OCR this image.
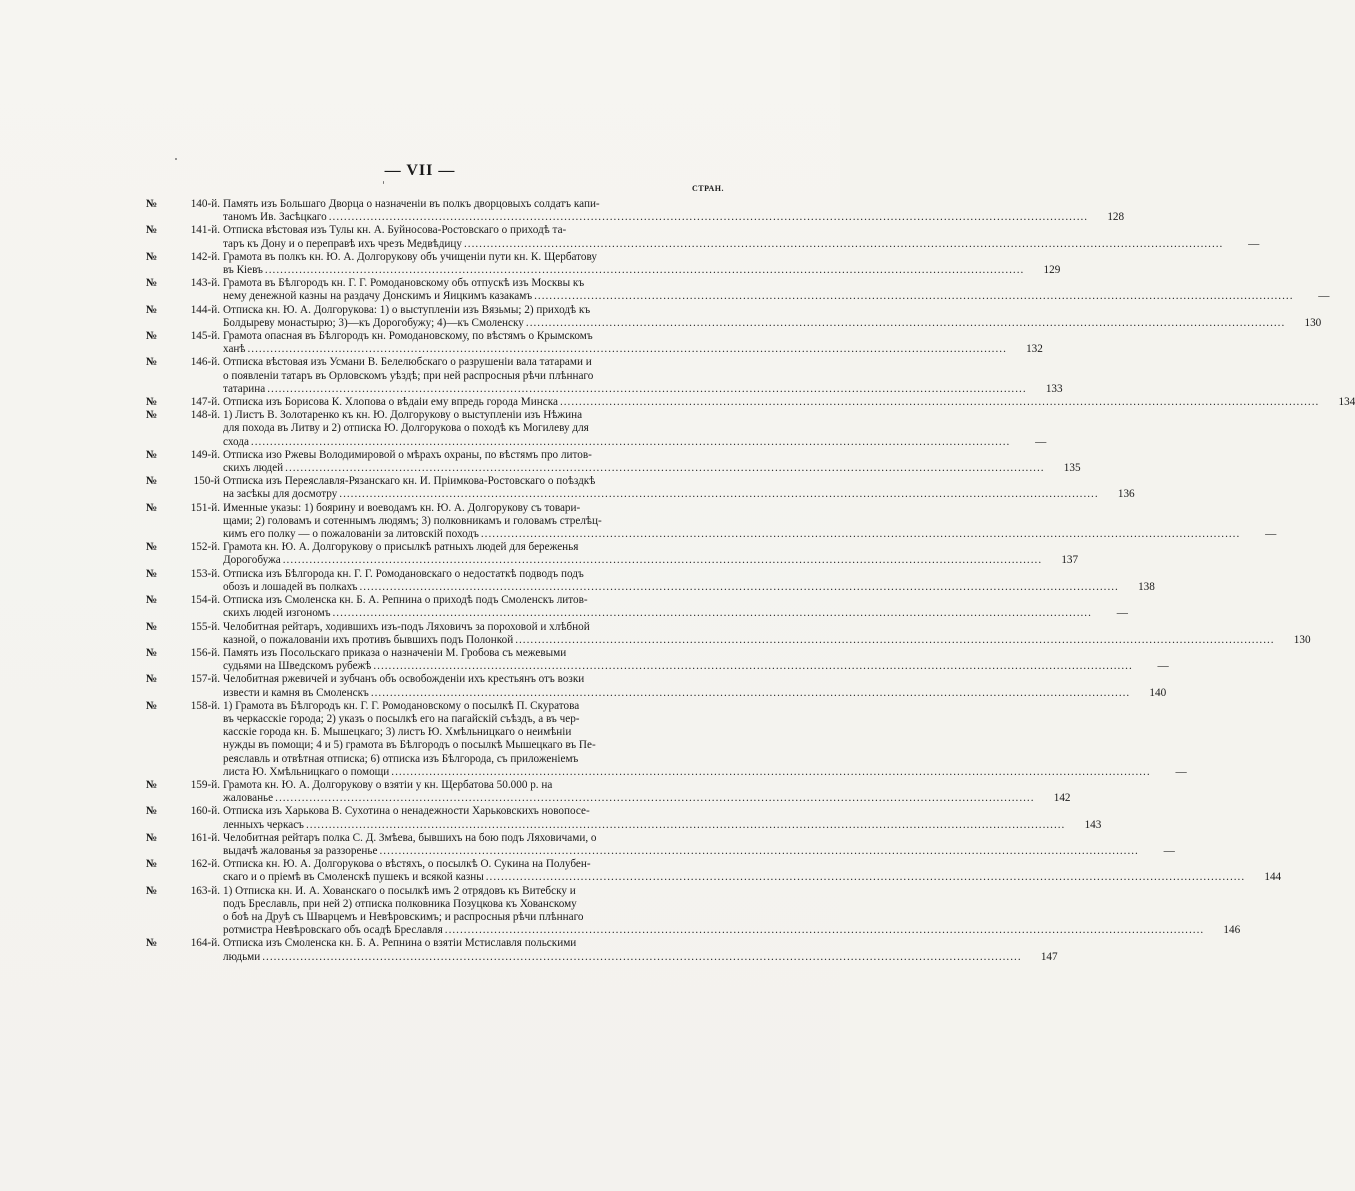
— VII —
СТРАН.
№	140-й. Память изъ Большаго Дворца о назначеніи въ полкъ дворцовыхъ солдатъ капи-
таномъ Ив. Засѣцкаго ........................................................................................................................................................................................................	128
№	141-й. Отписка вѣстовая изъ Тулы кн. А. Буйносова-Ростовскаго о приходѣ та-
таръ къ Дону и о переправѣ ихъ чрезъ Медвѣдицу ........................................................................................................................................................................................................	—
№	142-й. Грамота въ полкъ кн. Ю. А. Долгорукову объ учищеніи пути кн. К. Щербатову
въ Кіевъ ........................................................................................................................................................................................................	129
№	143-й. Грамота въ Бѣлгородъ кн. Г. Г. Ромодановскому объ отпускѣ изъ Москвы къ
нему денежной казны на раздачу Донскимъ и Яицкимъ казакамъ ........................................................................................................................................................................................................	—
№	144-й. Отписка кн. Ю. А. Долгорукова: 1) о выступленіи изъ Вязьмы; 2) приходѣ къ
Болдыреву монастырю; 3)—къ Дорогобужу; 4)—къ Смоленску ........................................................................................................................................................................................................	130
№	145-й. Грамота опасная въ Бѣлгородъ кн. Ромодановскому, по вѣстямъ о Крымскомъ
ханѣ ........................................................................................................................................................................................................	132
№	146-й. Отписка вѣстовая изъ Усмани В. Белелюбскаго о разрушеніи вала татарами и
о появленіи татаръ въ Орловскомъ уѣздѣ; при ней распросныя рѣчи плѣннаго
татарина ........................................................................................................................................................................................................	133
№	147-й. Отписка изъ Борисова К. Хлопова о вѣдаіи ему впредь города Минска ........................................................................................................................................................................................................	134
№	148-й. 1) Листъ В. Золотаренко къ кн. Ю. Долгорукову о выступленіи изъ Нѣжина
для похода въ Литву и 2) отписка Ю. Долгорукова о походѣ къ Могилеву для
схода ........................................................................................................................................................................................................	—
№	149-й. Отписка изо Ржевы Володимировой о мѣрахъ охраны, по вѣстямъ про литов-
скихъ людей ........................................................................................................................................................................................................	135
№	150-й Отписка изъ Переяславля-Рязанскаго кн. И. Пріимкова-Ростовскаго о поѣздкѣ
на засѣкы для досмотру ........................................................................................................................................................................................................	136
№	151-й. Именные указы: 1) боярину и воеводамъ кн. Ю. А. Долгорукову съ товари-
щами; 2) головамъ и сотеннымъ людямъ; 3) полковникамъ и головамъ стрелѣц-
кимъ его полку — о пожалованіи за литовскій походъ ........................................................................................................................................................................................................	—
№	152-й. Грамота кн. Ю. А. Долгорукову о присылкѣ ратныхъ людей для береженья
Дорогобужа ........................................................................................................................................................................................................	137
№	153-й. Отписка изъ Бѣлгорода кн. Г. Г. Ромодановскаго о недостаткѣ подводъ подъ
обозъ и лошадей въ полкахъ ........................................................................................................................................................................................................	138
№	154-й. Отписка изъ Смоленска кн. Б. А. Репнина о приходѣ подъ Смоленскъ литов-
скихъ людей изгономъ ........................................................................................................................................................................................................	—
№	155-й. Челобитная рейтаръ, ходившихъ изъ-подъ Ляховичъ за пороховой и хлѣбной
казной, о пожалованіи ихъ противъ бывшихъ подъ Полонкой ........................................................................................................................................................................................................	130
№	156-й. Память изъ Посольскаго приказа о назначеніи М. Гробова съ межевыми
судьями на Шведскомъ рубежѣ ........................................................................................................................................................................................................	—
№	157-й. Челобитная ржевичей и зубчанъ объ освобожденіи ихъ крестьянъ отъ возки
извести и камня въ Смоленскъ ........................................................................................................................................................................................................	140
№	158-й. 1) Грамота въ Бѣлгородъ кн. Г. Г. Ромодановскому о посылкѣ П. Скуратова
въ черкасскіе города; 2) указъ о посылкѣ его на пагайскій съѣздъ, а въ чер-
касскіе города кн. Б. Мышецкаго; 3) листъ Ю. Хмѣльницкаго о неимѣніи
нужды въ помощи; 4 и 5) грамота въ Бѣлгородъ о посылкѣ Мышецкаго въ Пе-
реяславль и отвѣтная отписка; 6) отписка изъ Бѣлгорода, съ приложеніемъ
листа Ю. Хмѣльницкаго о помощи ........................................................................................................................................................................................................	—
№	159-й. Грамота кн. Ю. А. Долгорукову о взятіи у кн. Щербатова 50.000 р. на
жалованье ........................................................................................................................................................................................................	142
№	160-й. Отписка изъ Харькова В. Сухотина о ненадежности Харьковскихъ новопосе-
ленныхъ черкасъ ........................................................................................................................................................................................................	143
№	161-й. Челобитная рейтаръ полка С. Д. Змѣева, бывшихъ на бою подъ Ляховичами, о
выдачѣ жалованья за раззоренье ........................................................................................................................................................................................................	—
№	162-й. Отписка кн. Ю. А. Долгорукова о вѣстяхъ, о посылкѣ О. Сукина на Полубен-
скаго и о пріемѣ въ Смоленскѣ пушекъ и всякой казны ........................................................................................................................................................................................................	144
№	163-й. 1) Отписка кн. И. А. Хованскаго о посылкѣ имъ 2 отрядовъ къ Витебску и
подъ Бреславль, при ней 2) отписка полковника Позуцкова къ Хованскому
о боѣ на Друѣ съ Шварцемъ и Невѣровскимъ; и распросныя рѣчи плѣннаго
ротмистра Невѣровскаго объ осадѣ Бреславля ........................................................................................................................................................................................................	146
№	164-й. Отписка изъ Смоленска кн. Б. А. Репнина о взятіи Мстиславля польскими
людьми ........................................................................................................................................................................................................	147
